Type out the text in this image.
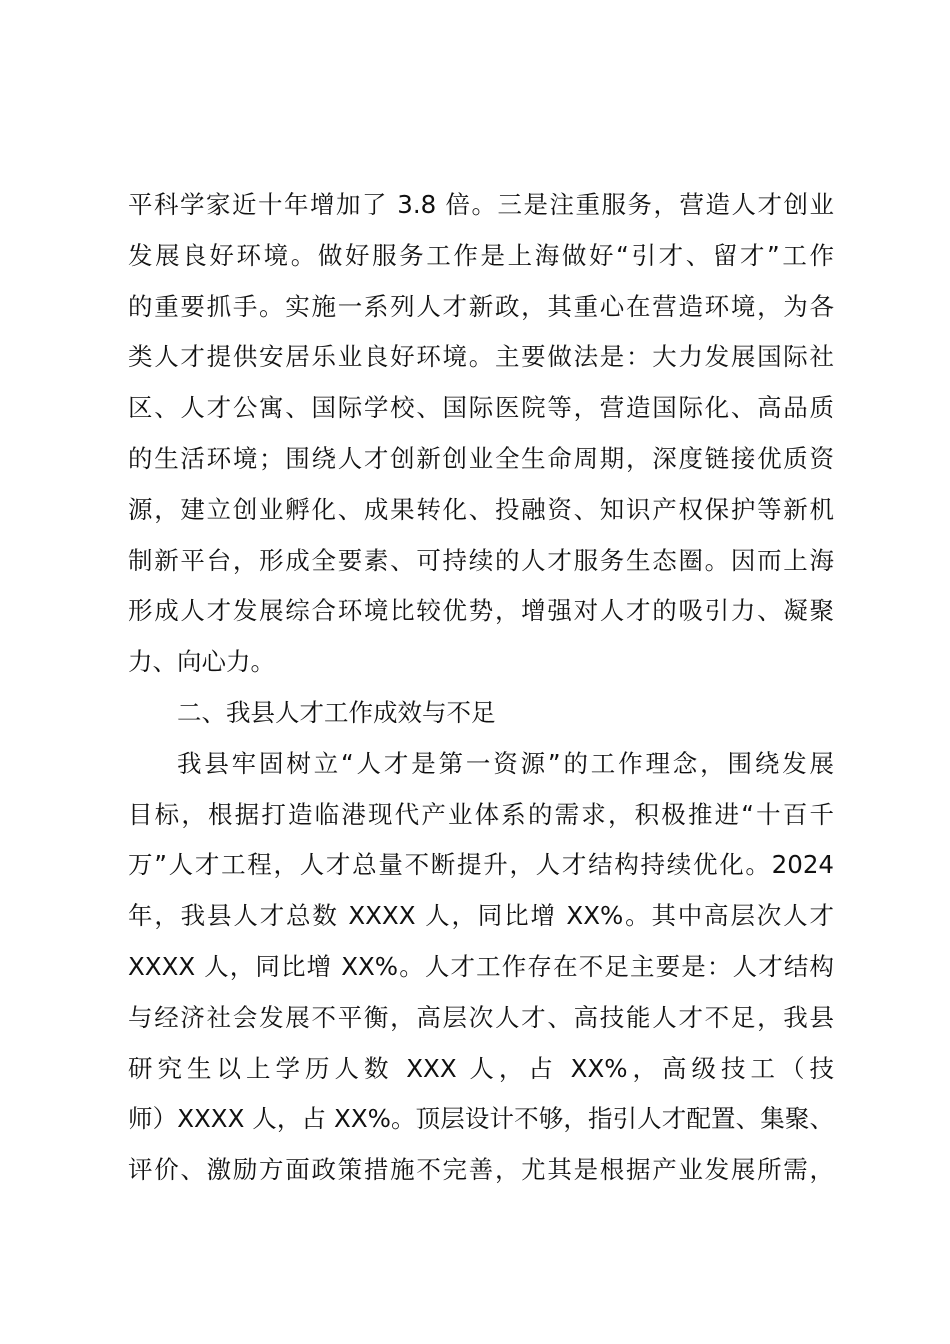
平科学家近十年增加了 3.8 倍。三是注重服务，营造人才创业
发展良好环境。做好服务工作是上海做好“引才、留才”工作
的重要抓手。实施一系列人才新政，其重心在营造环境，为各
类人才提供安居乐业良好环境。主要做法是：大力发展国际社
区、人才公寓、国际学校、国际医院等，营造国际化、高品质
的生活环境；围绕人才创新创业全生命周期，深度链接优质资
源，建立创业孵化、成果转化、投融资、知识产权保护等新机
制新平台，形成全要素、可持续的人才服务生态圈。因而上海
形成人才发展综合环境比较优势，增强对人才的吸引力、凝聚
力、向心力。
二、我县人才工作成效与不足
我县牢固树立“人才是第一资源”的工作理念，围绕发展
目标，根据打造临港现代产业体系的需求，积极推进“十百千
万”人才工程，人才总量不断提升，人才结构持续优化。2024
年，我县人才总数 XXXX 人，同比增 XX%。其中高层次人才
XXXX 人，同比增 XX%。人才工作存在不足主要是：人才结构
与经济社会发展不平衡，高层次人才、高技能人才不足，我县
研究生以上学历人数 XXX 人，占 XX%，高级技工（技
师）XXXX 人，占 XX%。顶层设计不够，指引人才配置、集聚、
评价、激励方面政策措施不完善，尤其是根据产业发展所需，
